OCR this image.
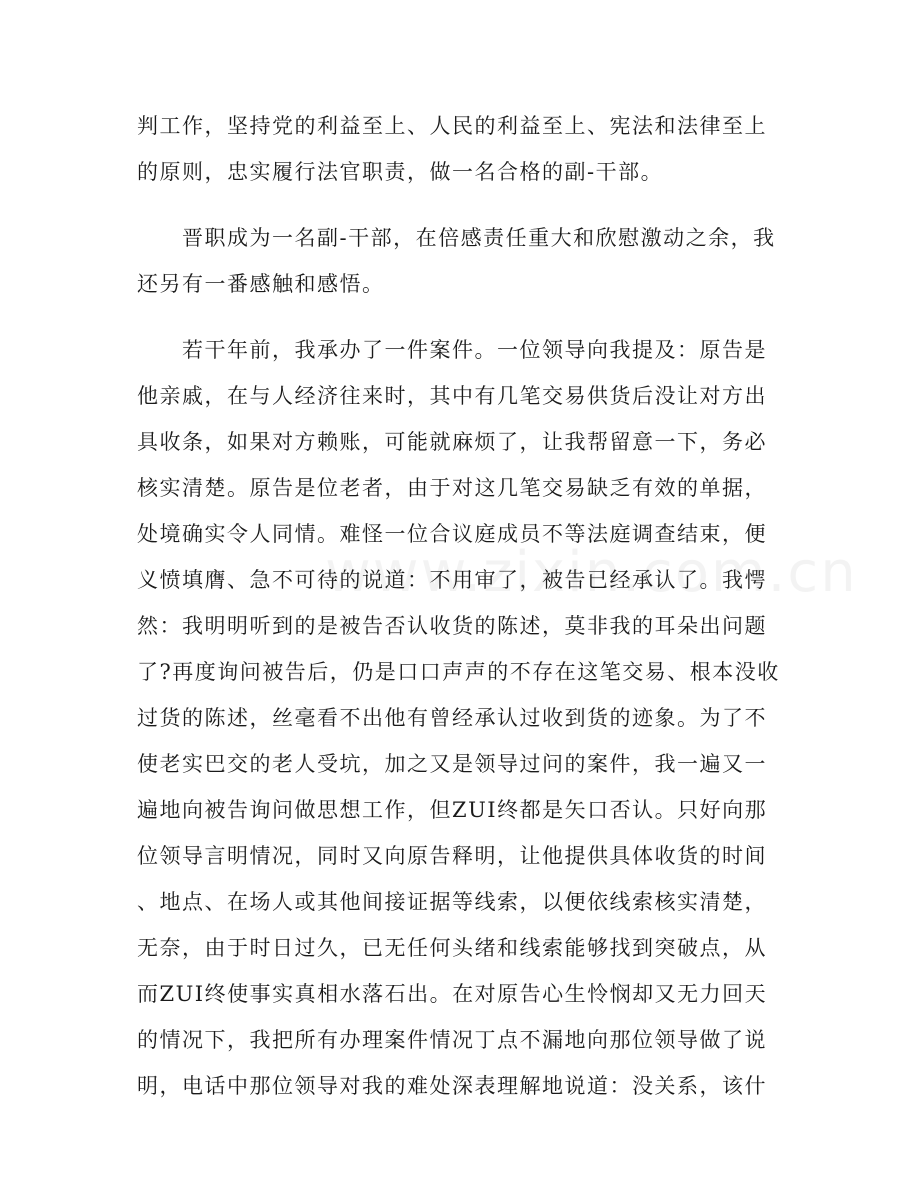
判工作，坚持党的利益至上、人民的利益至上、宪法和法律至上
的原则，忠实履行法官职责，做一名合格的副-干部。
　　晋职成为一名副-干部，在倍感责任重大和欣慰激动之余，我
还另有一番感触和感悟。
　　若干年前，我承办了一件案件。一位领导向我提及：原告是
他亲戚，在与人经济往来时，其中有几笔交易供货后没让对方出
具收条，如果对方赖账，可能就麻烦了，让我帮留意一下，务必
核实清楚。原告是位老者，由于对这几笔交易缺乏有效的单据，
处境确实令人同情。难怪一位合议庭成员不等法庭调查结束，便
义愤填膺、急不可待的说道：不用审了，被告已经承认了。我愕
然：我明明听到的是被告否认收货的陈述，莫非我的耳朵出问题
了?再度询问被告后，仍是口口声声的不存在这笔交易、根本没收
过货的陈述，丝毫看不出他有曾经承认过收到货的迹象。为了不
使老实巴交的老人受坑，加之又是领导过问的案件，我一遍又一
遍地向被告询问做思想工作，但ZUI终都是矢口否认。只好向那
位领导言明情况，同时又向原告释明，让他提供具体收货的时间
、地点、在场人或其他间接证据等线索，以便依线索核实清楚，
无奈，由于时日过久，已无任何头绪和线索能够找到突破点，从
而ZUI终使事实真相水落石出。在对原告心生怜悯却又无力回天
的情况下，我把所有办理案件情况丁点不漏地向那位领导做了说
明，电话中那位领导对我的难处深表理解地说道：没关系，该什
